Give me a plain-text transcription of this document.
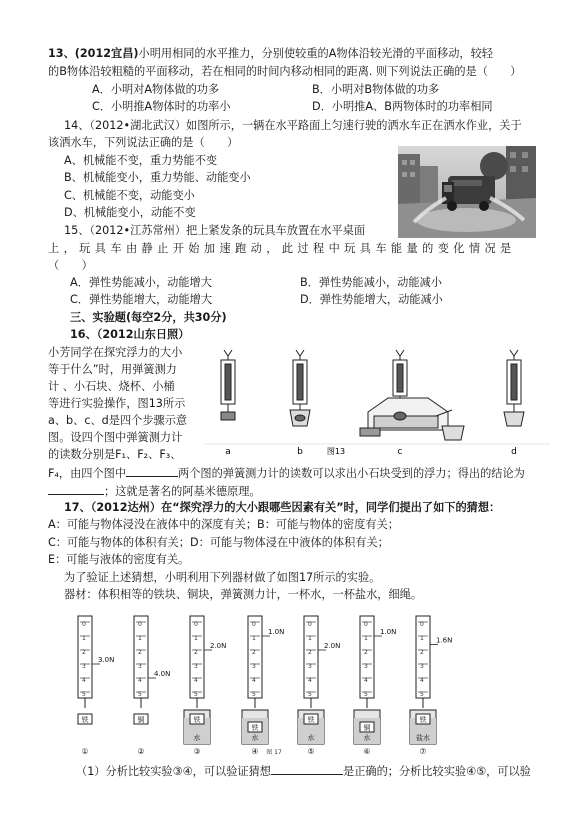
13、(2012宜昌)小明用相同的水平推力，分别使较重的A物体沿较光滑的平面移动，较轻
的B物体沿较粗糙的平面移动，若在相同的时间内移动相同的距离. 则下列说法正确的是（　　）
A．小明对A物体做的功多	B．小明对B物体做的功多
C．小明推A物体时的功率小	D．小明推A、B两物体时的功率相同
14、（2012•湖北武汉）如图所示，一辆在水平路面上匀速行驶的洒水车正在洒水作业，关于
该洒水车，下列说法正确的是（　　）
A、机械能不变，重力势能不变
B、机械能变小，重力势能、动能变小
C、机械能不变，动能变小
D、机械能变小，动能不变
15、（2012•江苏常州）把上紧发条的玩具车放置在水平桌面
上，玩具车由静止开始加速跑动，此过程中玩具车能量的变化情况是
（　　）
A．弹性势能减小，动能增大	B．弹性势能减小，动能减小
C．弹性势能增大，动能增大	D．弹性势能增大，动能减小
三、实验题(每空2分，共30分)
16、（2012山东日照）
小芳同学在探究浮力的大小
等于什么”时，用弹簧测力
计 、小石块、烧杯、小桶
等进行实验操作，图13所示
a、b、c、d是四个步骤示意
图。设四个图中弹簧测力计
的读数分别是F₁、F₂、F₃、
F₄，由四个图中	两个图的弹簧测力计的读数可以求出小石块受到的浮力；得出的结论为
；这就是著名的阿基米德原理。
a	b	c	d
图13
17、（2012达州）在“探究浮力的大小跟哪些因素有关”时，同学们提出了如下的猜想：
A：可能与物体浸没在液体中的深度有关；B：可能与物体的密度有关；
C：可能与物体的体积有关；D：可能与物体浸在中液体的体积有关；
E：可能与液体的密度有关。
为了验证上述猜想，小明利用下列器材做了如图17所示的实验。
器材：体积相等的铁块、铜块，弹簧测力计，一杯水，一杯盐水，细绳。
0
1
2
3
4
5
3.0N
铁
①
0
1
2
3
4
5
4.0N
铜
②
0
1
2
3
4
5
2.0N
水
铁
③
0
1
2
3
4
5
1.0N
水
铁
④
0
1
2
3
4
5
2.0N
水
铁
⑤
0
1
2
3
4
5
1.0N
水
铜
⑥
0
1
2
3
4
5
1.6N
盐水
铁
⑦
图 17
（1）分析比较实验③④，可以验证猜想	是正确的；分析比较实验④⑤，可以验
